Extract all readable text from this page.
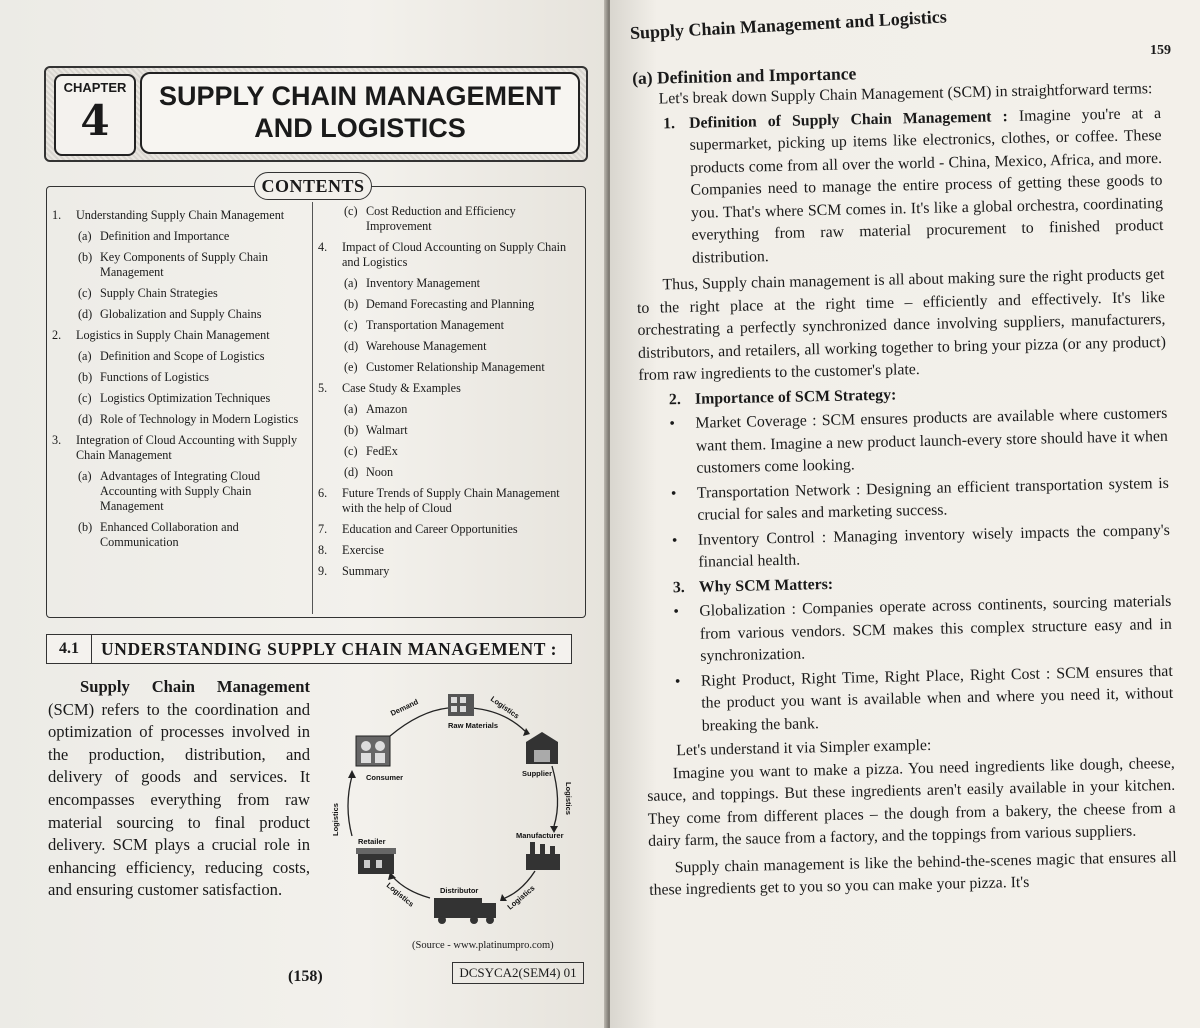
CHAPTER
4	SUPPLY CHAIN MANAGEMENT
AND LOGISTICS
CONTENTS
1. Understanding Supply Chain Management
(a) Definition and Importance
(b) Key Components of Supply Chain Management
(c) Supply Chain Strategies
(d) Globalization and Supply Chains
2. Logistics in Supply Chain Management
(a) Definition and Scope of Logistics
(b) Functions of Logistics
(c) Logistics Optimization Techniques
(d) Role of Technology in Modern Logistics
3. Integration of Cloud Accounting with Supply Chain Management
(a) Advantages of Integrating Cloud Accounting with Supply Chain Management
(b) Enhanced Collaboration and Communication
(c) Cost Reduction and Efficiency Improvement
4. Impact of Cloud Accounting on Supply Chain and Logistics
(a) Inventory Management
(b) Demand Forecasting and Planning
(c) Transportation Management
(d) Warehouse Management
(e) Customer Relationship Management
5. Case Study & Examples
(a) Amazon
(b) Walmart
(c) FedEx
(d) Noon
6. Future Trends of Supply Chain Management with the help of Cloud
7. Education and Career Opportunities
8. Exercise
9. Summary
4.1	UNDERSTANDING SUPPLY CHAIN MANAGEMENT :
Supply Chain Management (SCM) refers to the coordination and optimization of processes involved in the production, distribution, and delivery of goods and services. It encompasses everything from raw material sourcing to final product delivery. SCM plays a crucial role in enhancing efficiency, reducing costs, and ensuring customer satisfaction.
Raw Materials
Supplier
Manufacturer
Distributor
Retailer
Consumer
Demand	Logistics
Logistics
Logistics
Logistics
Logistics
(Source - www.platinumpro.com)
(158)	DCSYCA2(SEM4) 01
Supply Chain Management and Logistics
159

(a) Definition and Importance

Let's break down Supply Chain Management (SCM) in straightforward terms:

1. Definition of Supply Chain Management : Imagine you're at a supermarket, picking up items like electronics, clothes, or coffee. These products come from all over the world - China, Mexico, Africa, and more. Companies need to manage the entire process of getting these goods to you. That's where SCM comes in. It's like a global orchestra, coordinating everything from raw material procurement to finished product distribution.

Thus, Supply chain management is all about making sure the right products get to the right place at the right time – efficiently and effectively. It's like orchestrating a perfectly synchronized dance involving suppliers, manufacturers, distributors, and retailers, all working together to bring your pizza (or any product) from raw ingredients to the customer's plate.

2. Importance of SCM Strategy:
• Market Coverage : SCM ensures products are available where customers want them. Imagine a new product launch-every store should have it when customers come looking.
• Transportation Network : Designing an efficient transportation system is crucial for sales and marketing success.
• Inventory Control : Managing inventory wisely impacts the company's financial health.
3. Why SCM Matters:
• Globalization : Companies operate across continents, sourcing materials from various vendors. SCM makes this complex structure easy and in synchronization.
• Right Product, Right Time, Right Place, Right Cost : SCM ensures that the product you want is available when and where you need it, without breaking the bank.

Let's understand it via Simpler example:

Imagine you want to make a pizza. You need ingredients like dough, cheese, sauce, and toppings. But these ingredients aren't easily available in your kitchen. They come from different places – the dough from a bakery, the cheese from a dairy farm, the sauce from a factory, and the toppings from various suppliers.

Supply chain management is like the behind-the-scenes magic that ensures all these ingredients get to you so you can make your pizza. It's
